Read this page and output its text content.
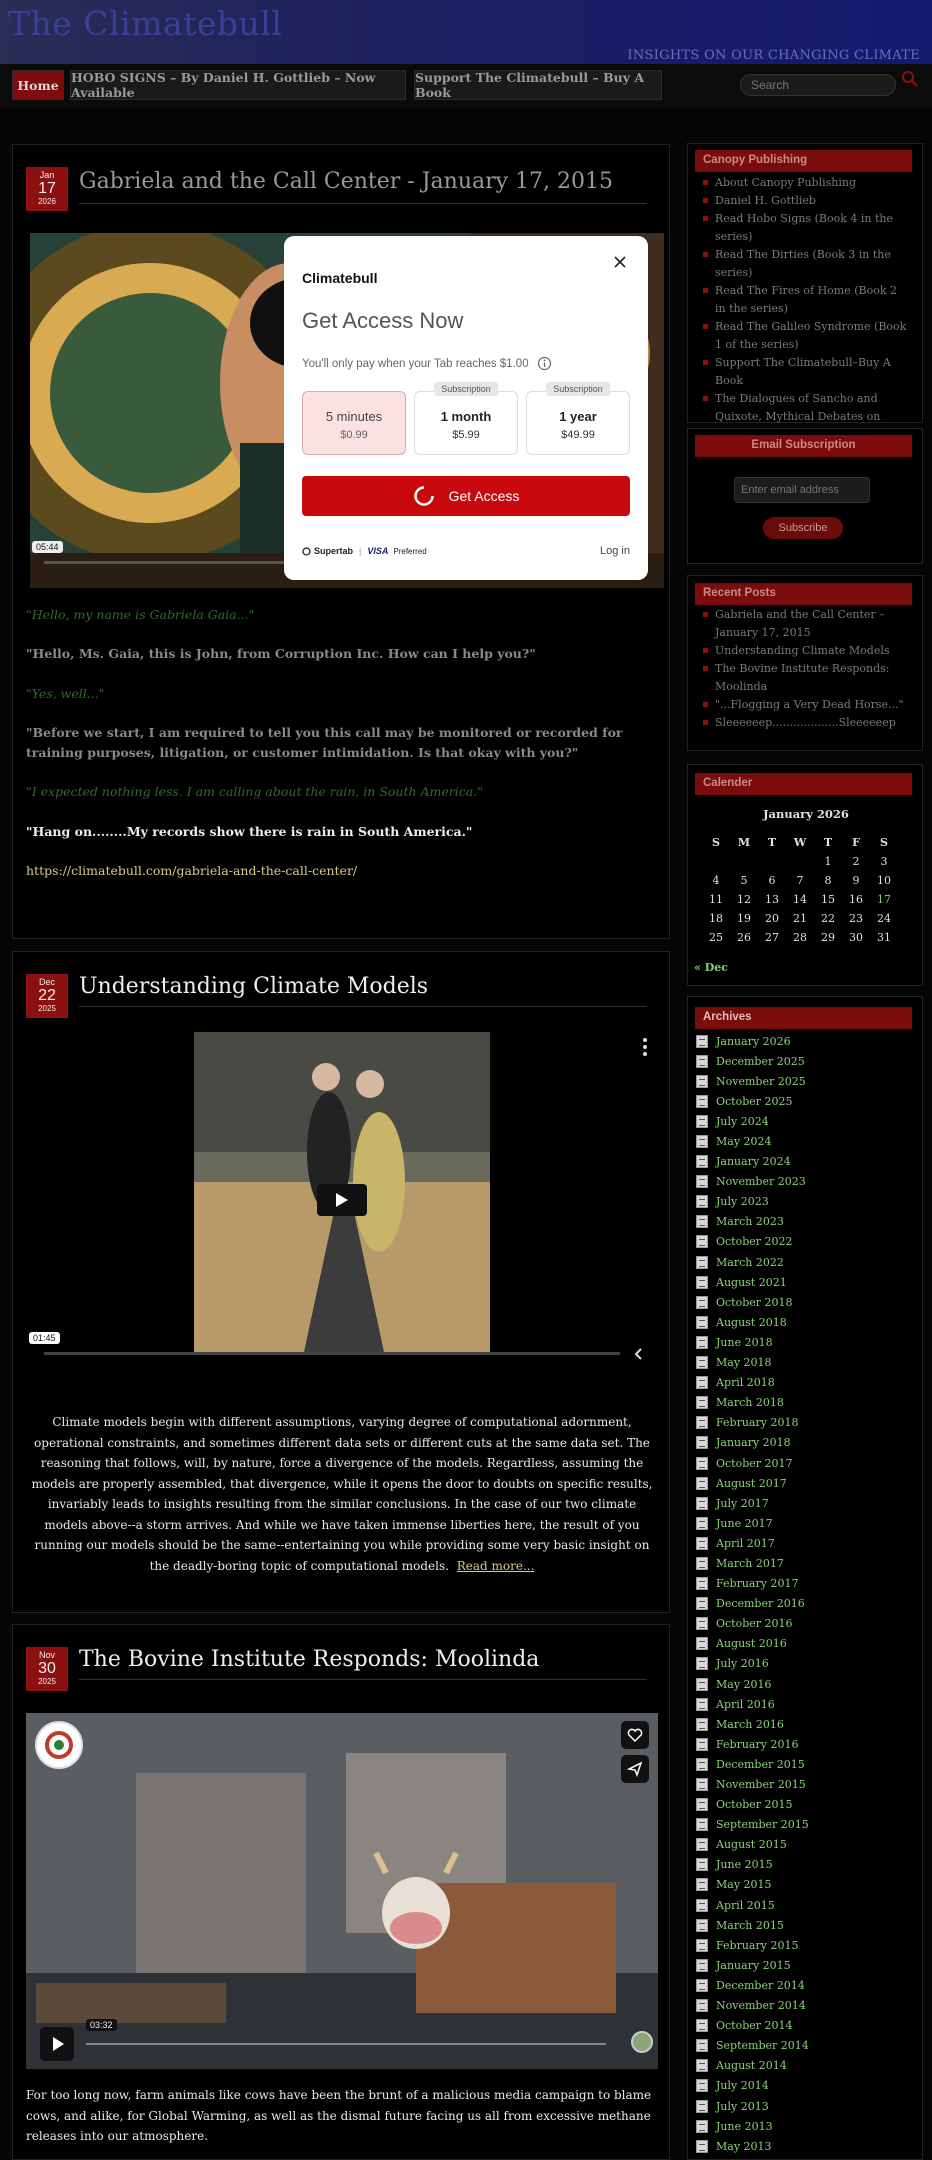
The Climatebull
INSIGHTS ON OUR CHANGING CLIMATE
Home HOBO SIGNS – By Daniel H. Gottlieb – Now Available
Support The Climatebull – Buy A Book
Search
Jan
17
2026
Gabriela and the Call Center - January 17, 2015
05:44

"Hello, my name is Gabriela Gaia..."

"Hello, Ms. Gaia, this is John, from Corruption Inc. How can I help you?"

"Yes, well..."

"Before we start, I am required to tell you this call may be monitored or recorded for training purposes, litigation, or customer intimidation. Is that okay with you?"

"I expected nothing less. I am calling about the rain, in South America."

"Hang on........My records show there is rain in South America."

https://climatebull.com/gabriela-and-the-call-center/

Climatebull
Get Access Now
You'll only pay when your Tab reaches $1.00
5 minutes
$0.99
Subscription
1 month
$5.99
Subscription
1 year
$49.99
Get Access
Supertab | VISA Preferred	Log in
Dec
22
2025
Understanding Climate Models
01:45
Climate models begin with different assumptions, varying degree of computational adornment, operational constraints, and sometimes different data sets or different cuts at the same data set. The reasoning that follows, will, by nature, force a divergence of the models. Regardless, assuming the models are properly assembled, that divergence, while it opens the door to doubts on specific results, invariably leads to insights resulting from the similar conclusions. In the case of our two climate models above--a storm arrives. And while we have taken immense liberties here, the result of you running our models should be the same--entertaining you while providing some very basic insight on the deadly-boring topic of computational models. Read more...
Nov
30
2025
The Bovine Institute Responds: Moolinda
03:32
For too long now, farm animals like cows have been the brunt of a malicious media campaign to blame cows, and alike, for Global Warming, as well as the dismal future facing us all from excessive methane releases into our atmosphere.
Canopy Publishing
About Canopy Publishing
Daniel H. Gottlieb
Read Hobo Signs (Book 4 in the series)
Read The Dirties (Book 3 in the series)
Read The Fires of Home (Book 2 in the series)
Read The Galileo Syndrome (Book 1 of the series)
Support The Climatebull–Buy A Book
The Dialogues of Sancho and Quixote, Mythical Debates on
Email Subscription
Enter email address
Subscribe
Recent Posts
Gabriela and the Call Center – January 17, 2015
Understanding Climate Models
The Bovine Institute Responds: Moolinda
"...Flogging a Very Dead Horse..."
Sleeeeeep...................Sleeeeeep
Calender
January 2026
S	M	T	W	T	F	S
				1	2	3
4	5	6	7	8	9	10
11	12	13	14	15	16	17
18	19	20	21	22	23	24
25	26	27	28	29	30	31
« Dec
Archives
January 2026
December 2025
November 2025
October 2025
July 2024
May 2024
January 2024
November 2023
July 2023
March 2023
October 2022
March 2022
August 2021
October 2018
August 2018
June 2018
May 2018
April 2018
March 2018
February 2018
January 2018
October 2017
August 2017
July 2017
June 2017
April 2017
March 2017
February 2017
December 2016
October 2016
August 2016
July 2016
May 2016
April 2016
March 2016
February 2016
December 2015
November 2015
October 2015
September 2015
August 2015
June 2015
May 2015
April 2015
March 2015
February 2015
January 2015
December 2014
November 2014
October 2014
September 2014
August 2014
July 2014
July 2013
June 2013
May 2013
